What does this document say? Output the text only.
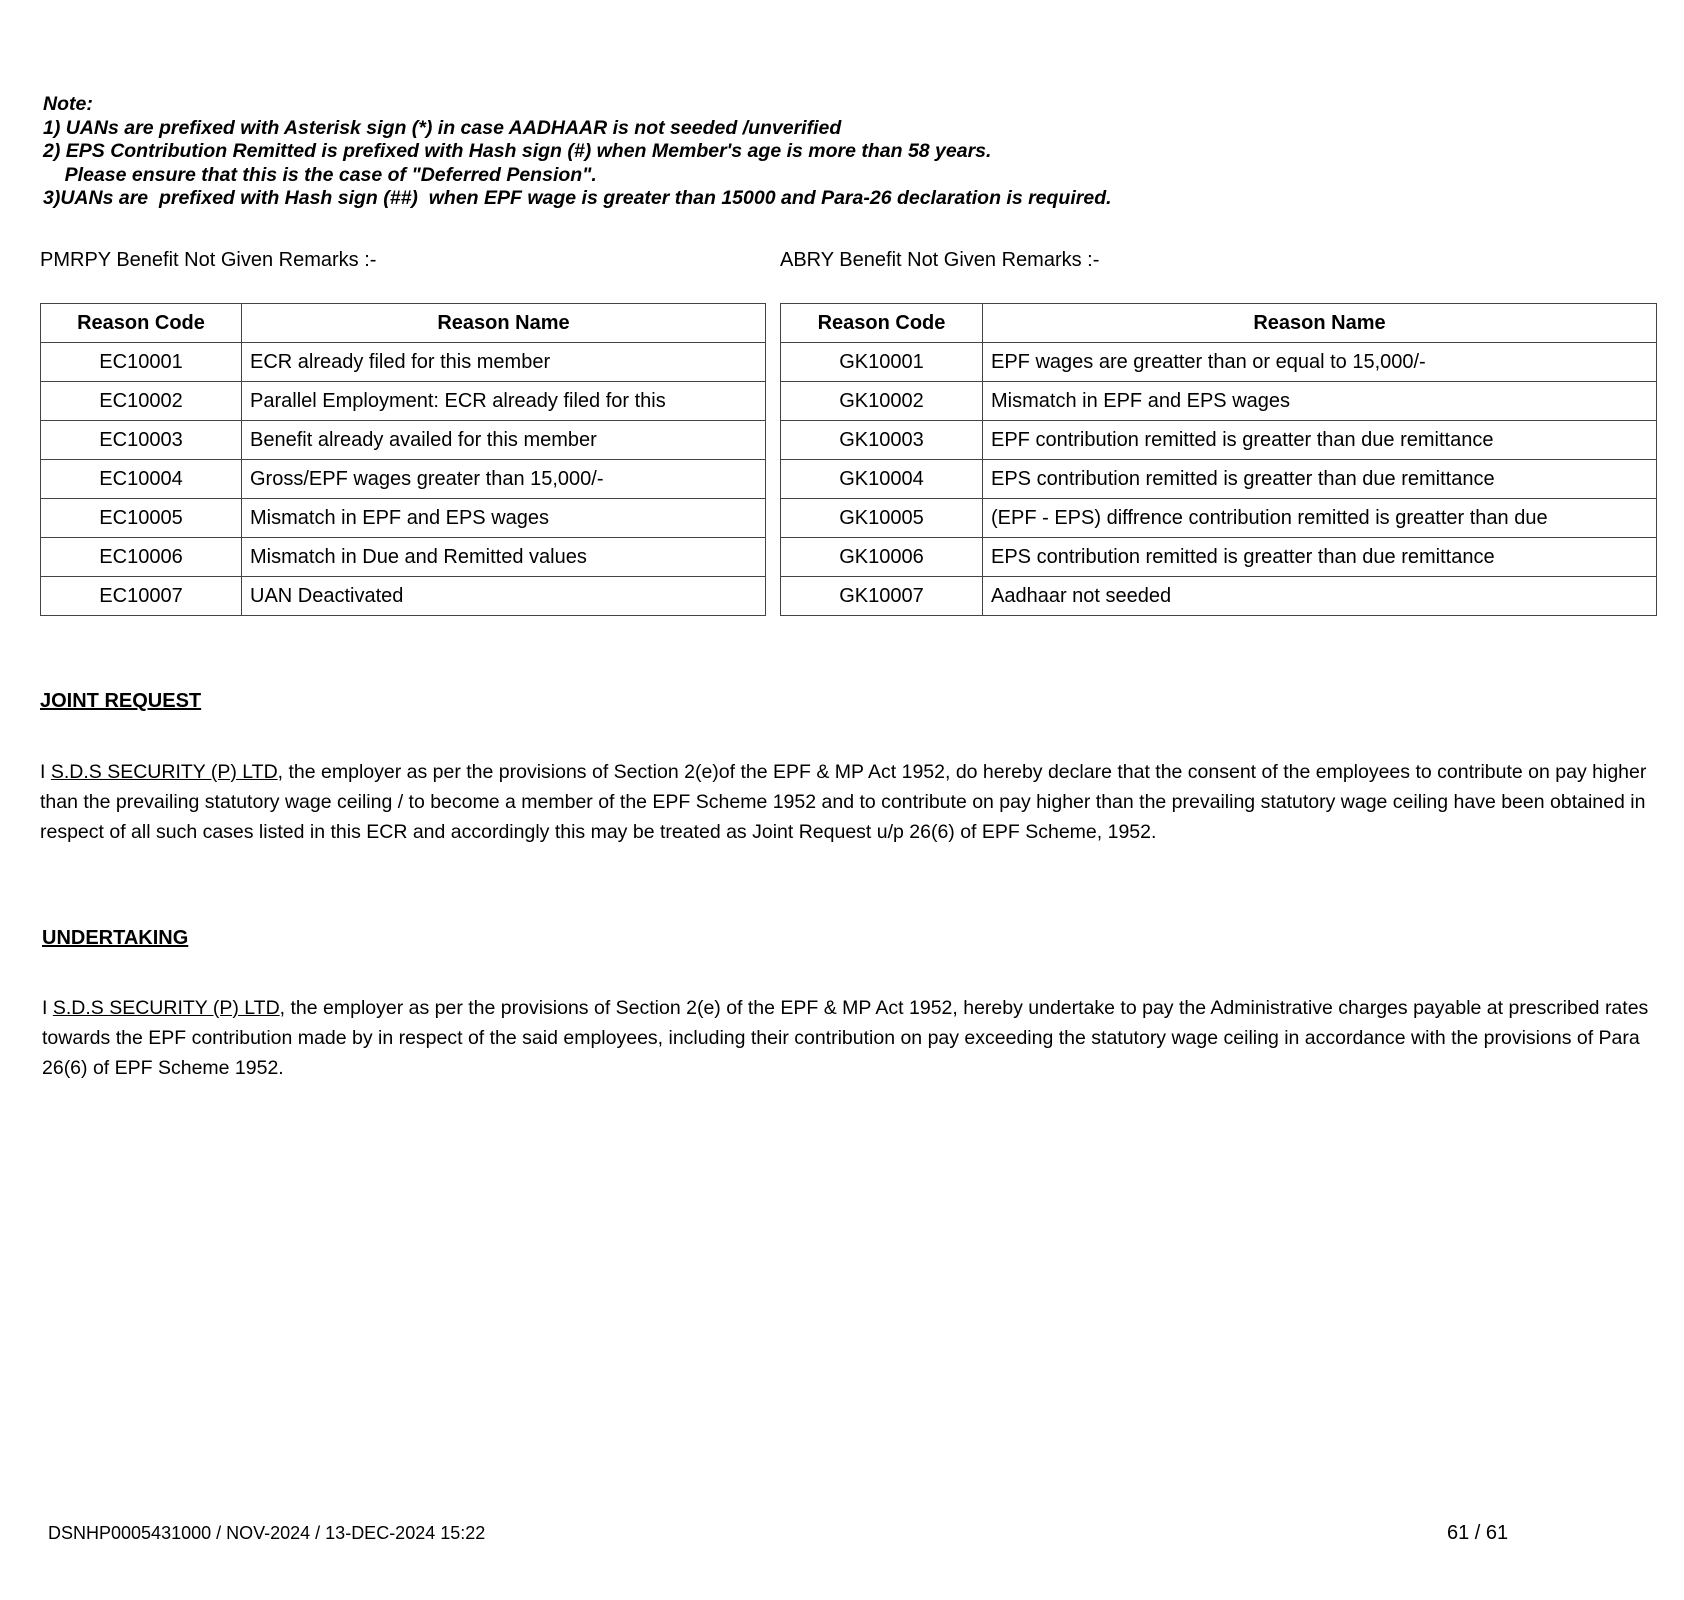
Note:
1) UANs are prefixed with Asterisk sign (*) in case AADHAAR is not seeded /unverified
2) EPS Contribution Remitted is prefixed with Hash sign (#) when Member's age is more than 58 years.
Please ensure that this is the case of "Deferred Pension".
3)UANs are  prefixed with Hash sign (##)  when EPF wage is greater than 15000 and Para-26 declaration is required.
PMRPY Benefit Not Given Remarks :-	ABRY Benefit Not Given Remarks :-
Reason Code	Reason Name
EC10001	ECR already filed for this member
EC10002	Parallel Employment: ECR already filed for this
EC10003	Benefit already availed for this member
EC10004	Gross/EPF wages greater than 15,000/-
EC10005	Mismatch in EPF and EPS wages
EC10006	Mismatch in Due and Remitted values
EC10007	UAN Deactivated
Reason Code	Reason Name
GK10001	EPF wages are greatter than or equal to 15,000/-
GK10002	Mismatch in EPF and EPS wages
GK10003	EPF contribution remitted is greatter than due remittance
GK10004	EPS contribution remitted is greatter than due remittance
GK10005	(EPF - EPS) diffrence contribution remitted is greatter than due
GK10006	EPS contribution remitted is greatter than due remittance
GK10007	Aadhaar not seeded
JOINT REQUEST
I S.D.S SECURITY (P) LTD, the employer as per the provisions of Section 2(e)of the EPF & MP Act 1952, do hereby declare that the consent of the employees to contribute on pay higher than the prevailing statutory wage ceiling / to become a member of the EPF Scheme 1952 and to contribute on pay higher than the prevailing statutory wage ceiling have been obtained in respect of all such cases listed in this ECR and accordingly this may be treated as Joint Request u/p 26(6) of EPF Scheme, 1952.
UNDERTAKING
I S.D.S SECURITY (P) LTD, the employer as per the provisions of Section 2(e) of the EPF & MP Act 1952, hereby undertake to pay the Administrative charges payable at prescribed rates towards the EPF contribution made by in respect of the said employees, including their contribution on pay exceeding the statutory wage ceiling in accordance with the provisions of Para 26(6) of EPF Scheme 1952.
DSNHP0005431000 / NOV-2024 / 13-DEC-2024 15:22	61 / 61
